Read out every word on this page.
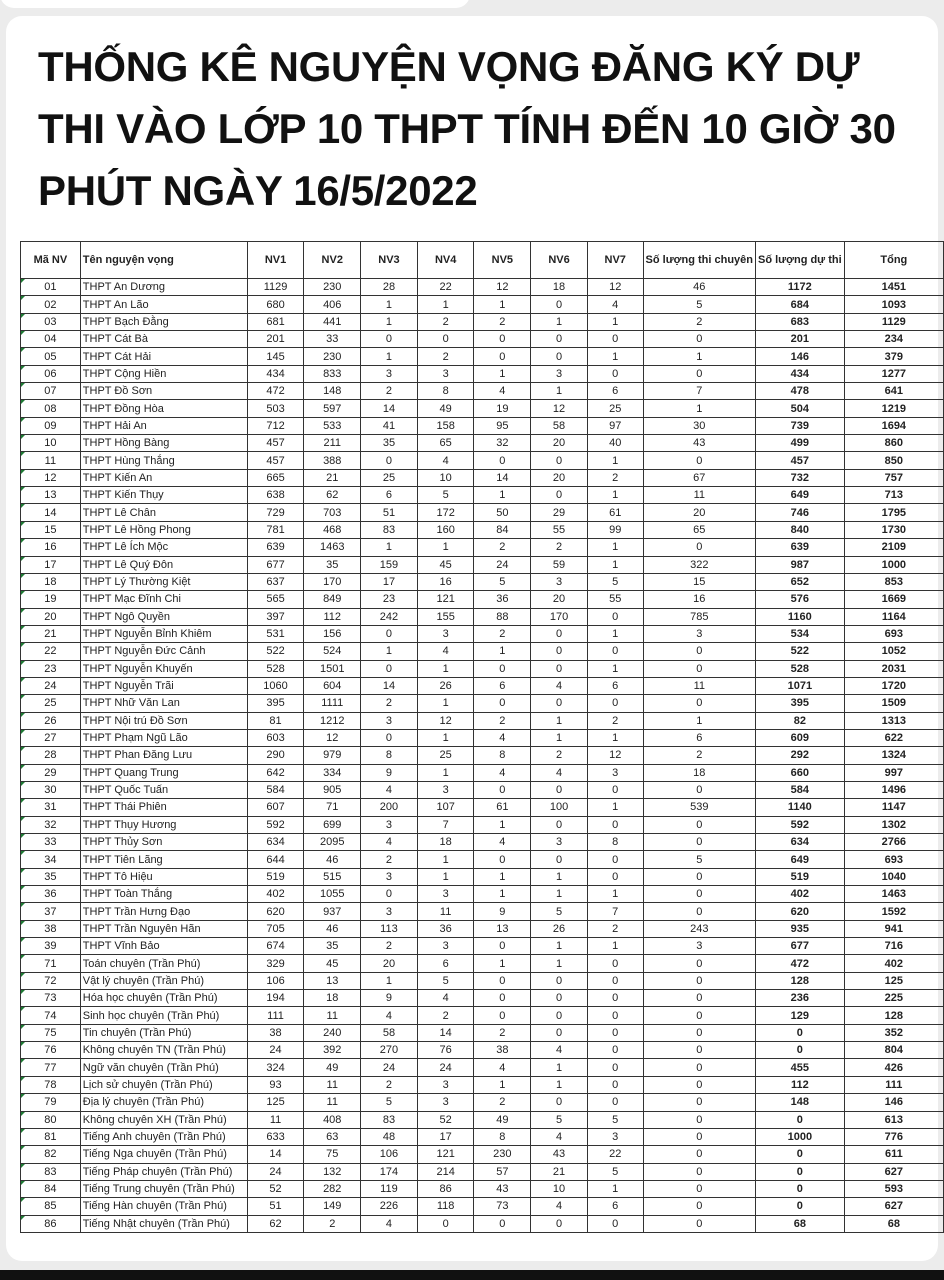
THỐNG KÊ NGUYỆN VỌNG ĐĂNG KÝ DỰ THI VÀO LỚP 10 THPT TÍNH ĐẾN 10 GIỜ 30 PHÚT NGÀY 16/5/2022
Mã NV	Tên nguyện vọng	NV1	NV2	NV3	NV4	NV5	NV6	NV7	Số lượng thi chuyên	Số lượng dự thi	Tổng
01	THPT An Dương	1129	230	28	22	12	18	12	46	1172	1451
02	THPT An Lão	680	406	1	1	1	0	4	5	684	1093
03	THPT Bạch Đằng	681	441	1	2	2	1	1	2	683	1129
04	THPT Cát Bà	201	33	0	0	0	0	0	0	201	234
05	THPT Cát Hải	145	230	1	2	0	0	1	1	146	379
06	THPT Cộng Hiền	434	833	3	3	1	3	0	0	434	1277
07	THPT Đồ Sơn	472	148	2	8	4	1	6	7	478	641
08	THPT Đồng Hòa	503	597	14	49	19	12	25	1	504	1219
09	THPT Hải An	712	533	41	158	95	58	97	30	739	1694
10	THPT Hồng Bàng	457	211	35	65	32	20	40	43	499	860
11	THPT Hùng Thắng	457	388	0	4	0	0	1	0	457	850
12	THPT Kiến An	665	21	25	10	14	20	2	67	732	757
13	THPT Kiến Thụy	638	62	6	5	1	0	1	11	649	713
14	THPT Lê Chân	729	703	51	172	50	29	61	20	746	1795
15	THPT Lê Hồng Phong	781	468	83	160	84	55	99	65	840	1730
16	THPT Lê Ích Mộc	639	1463	1	1	2	2	1	0	639	2109
17	THPT Lê Quý Đôn	677	35	159	45	24	59	1	322	987	1000
18	THPT Lý Thường Kiệt	637	170	17	16	5	3	5	15	652	853
19	THPT Mạc Đĩnh Chi	565	849	23	121	36	20	55	16	576	1669
20	THPT Ngô Quyền	397	112	242	155	88	170	0	785	1160	1164
21	THPT Nguyễn Bỉnh Khiêm	531	156	0	3	2	0	1	3	534	693
22	THPT Nguyễn Đức Cảnh	522	524	1	4	1	0	0	0	522	1052
23	THPT Nguyễn Khuyến	528	1501	0	1	0	0	1	0	528	2031
24	THPT Nguyễn Trãi	1060	604	14	26	6	4	6	11	1071	1720
25	THPT Nhữ Văn Lan	395	1111	2	1	0	0	0	0	395	1509
26	THPT Nội trú Đồ Sơn	81	1212	3	12	2	1	2	1	82	1313
27	THPT Phạm Ngũ Lão	603	12	0	1	4	1	1	6	609	622
28	THPT Phan Đăng Lưu	290	979	8	25	8	2	12	2	292	1324
29	THPT Quang Trung	642	334	9	1	4	4	3	18	660	997
30	THPT Quốc Tuấn	584	905	4	3	0	0	0	0	584	1496
31	THPT Thái Phiên	607	71	200	107	61	100	1	539	1140	1147
32	THPT Thụy Hương	592	699	3	7	1	0	0	0	592	1302
33	THPT Thủy Sơn	634	2095	4	18	4	3	8	0	634	2766
34	THPT Tiên Lãng	644	46	2	1	0	0	0	5	649	693
35	THPT Tô Hiệu	519	515	3	1	1	1	0	0	519	1040
36	THPT Toàn Thắng	402	1055	0	3	1	1	1	0	402	1463
37	THPT Trần Hưng Đạo	620	937	3	11	9	5	7	0	620	1592
38	THPT Trần Nguyên Hãn	705	46	113	36	13	26	2	243	935	941
39	THPT Vĩnh Bảo	674	35	2	3	0	1	1	3	677	716
71	Toán chuyên (Trần Phú)	329	45	20	6	1	1	0	0	472	402
72	Vật lý chuyên (Trần Phú)	106	13	1	5	0	0	0	0	128	125
73	Hóa học chuyên (Trần Phú)	194	18	9	4	0	0	0	0	236	225
74	Sinh học chuyên (Trần Phú)	111	11	4	2	0	0	0	0	129	128
75	Tin chuyên (Trần Phú)	38	240	58	14	2	0	0	0	0	352
76	Không chuyên TN (Trần Phú)	24	392	270	76	38	4	0	0	0	804
77	Ngữ văn chuyên (Trần Phú)	324	49	24	24	4	1	0	0	455	426
78	Lịch sử chuyên (Trần Phú)	93	11	2	3	1	1	0	0	112	111
79	Địa lý chuyên (Trần Phú)	125	11	5	3	2	0	0	0	148	146
80	Không chuyên XH (Trần Phú)	11	408	83	52	49	5	5	0	0	613
81	Tiếng Anh chuyên (Trần Phú)	633	63	48	17	8	4	3	0	1000	776
82	Tiếng Nga chuyên (Trần Phú)	14	75	106	121	230	43	22	0	0	611
83	Tiếng Pháp chuyên (Trần Phú)	24	132	174	214	57	21	5	0	0	627
84	Tiếng Trung chuyên (Trần Phú)	52	282	119	86	43	10	1	0	0	593
85	Tiếng Hàn chuyên (Trần Phú)	51	149	226	118	73	4	6	0	0	627
86	Tiếng Nhật chuyên (Trần Phú)	62	2	4	0	0	0	0	0	68	68
